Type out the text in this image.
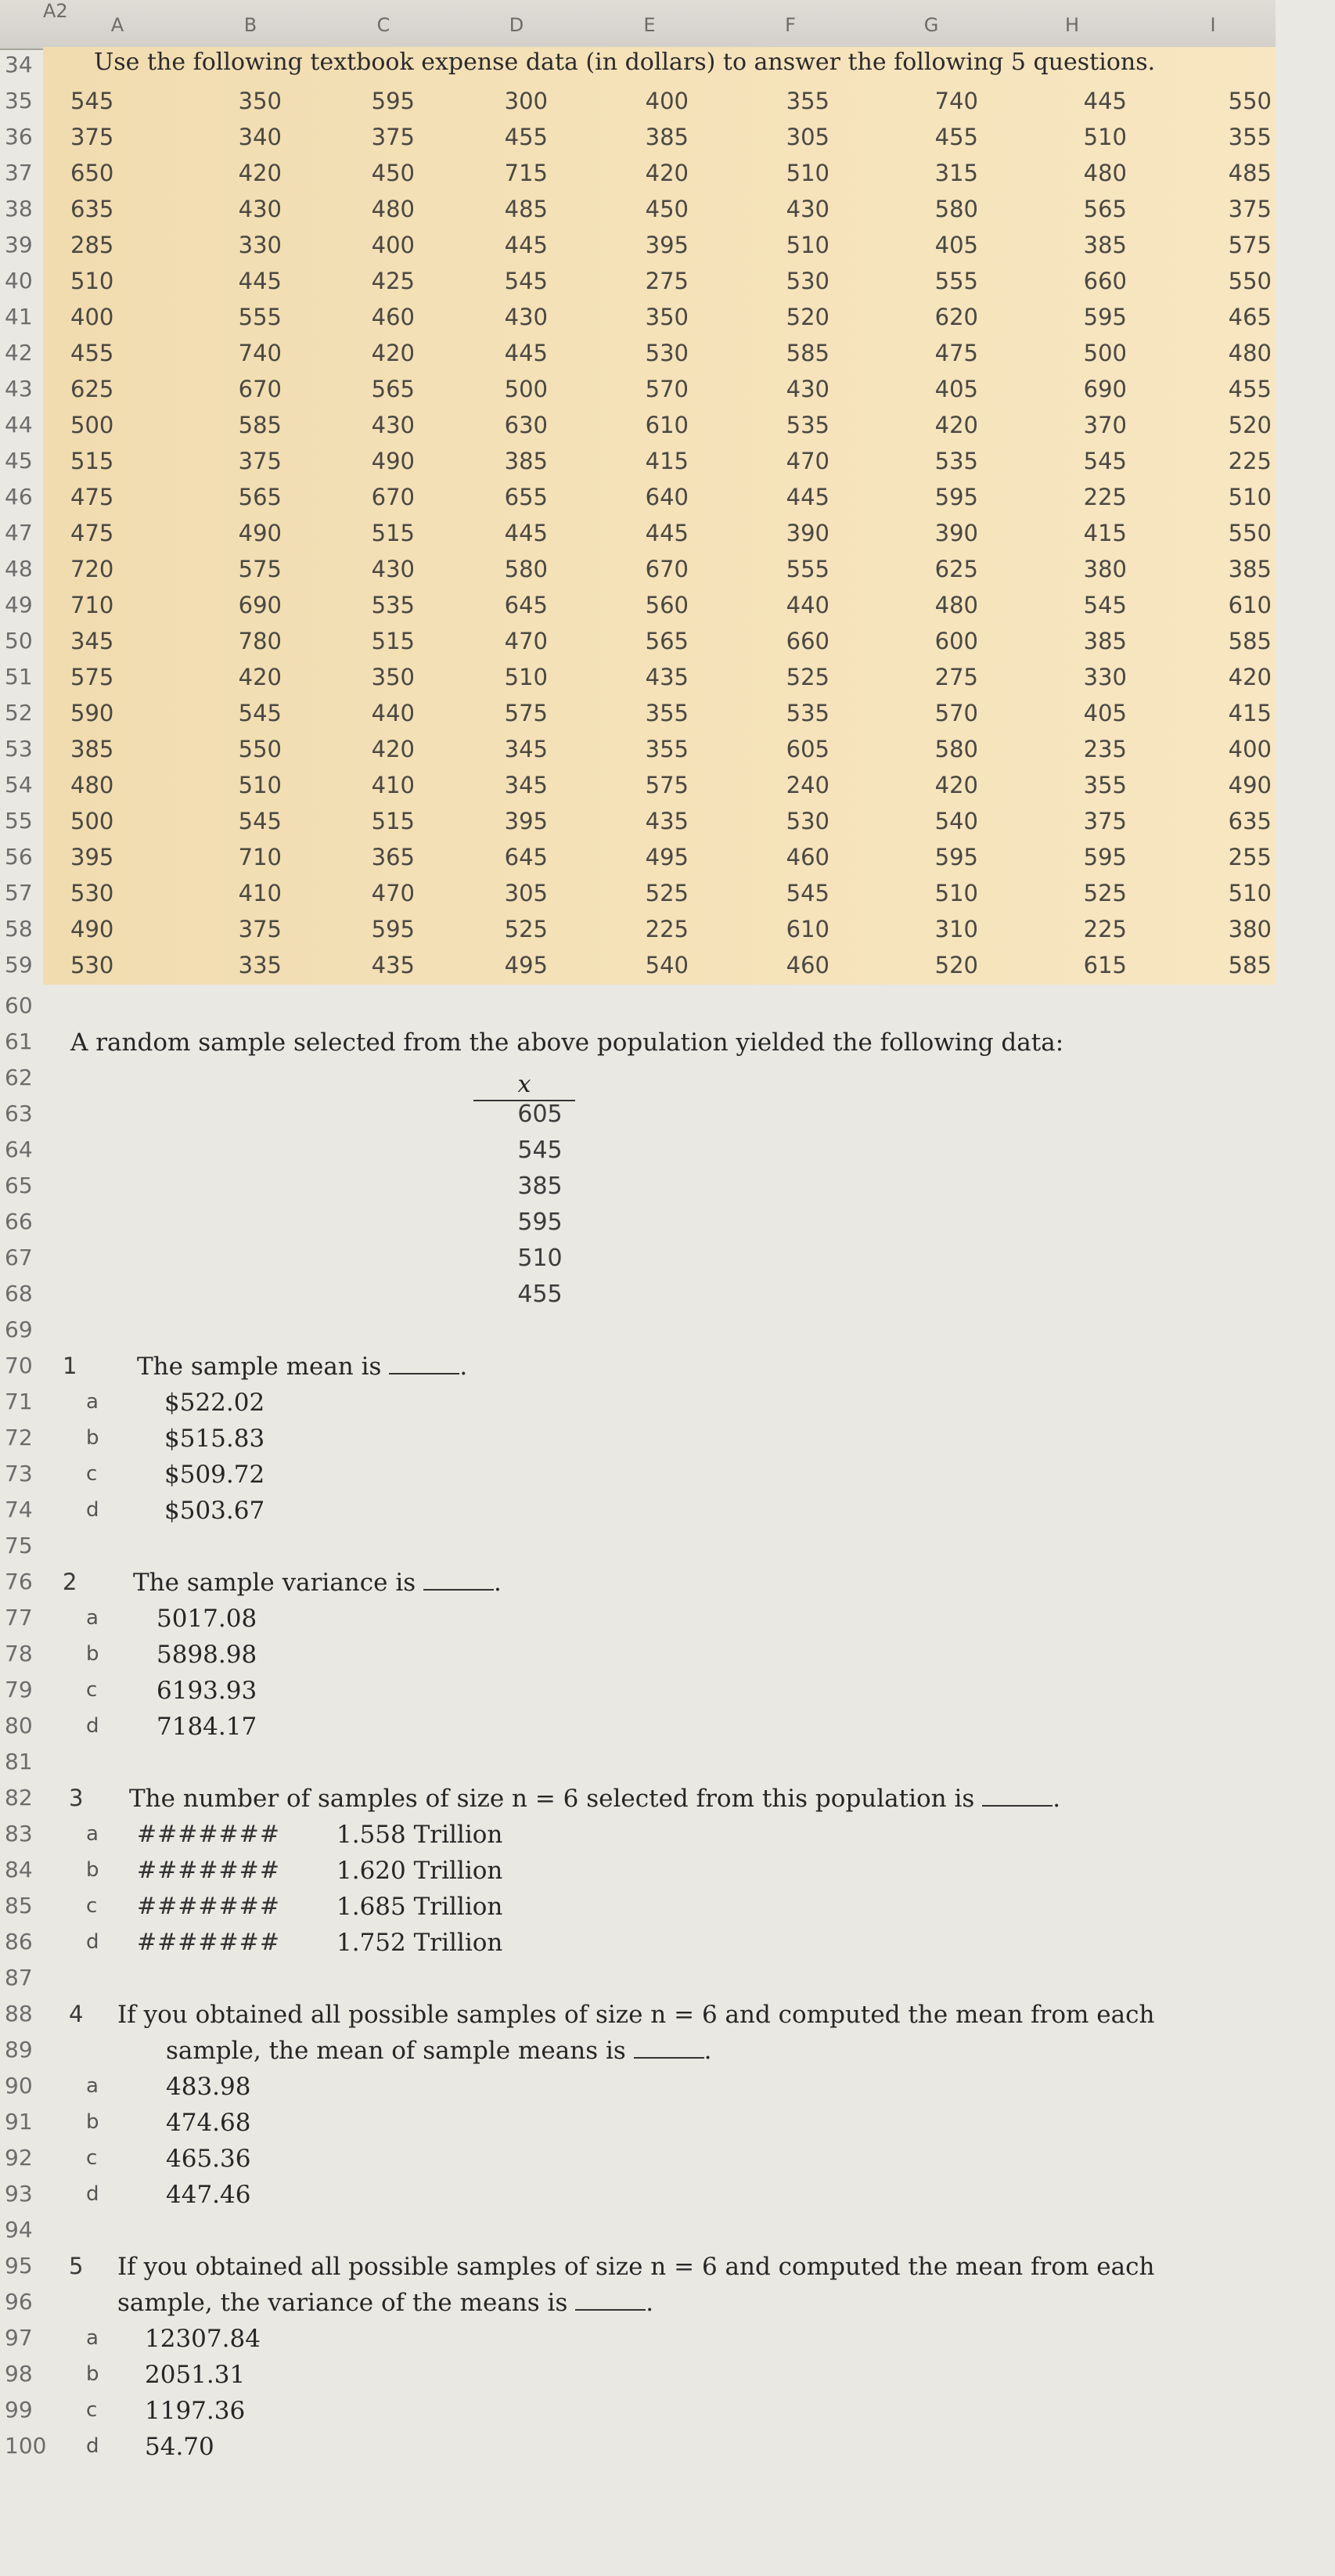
A2
A	B	C	D	E	F	G	H	I
34	Use the following textbook expense data (in dollars) to answer the following 5 questions.
35 545	350	595	300	400	355	740	445	550
36 375	340	375	455	385	305	455	510	355
37 650	420	450	715	420	510	315	480	485
38 635	430	480	485	450	430	580	565	375
39 285	330	400	445	395	510	405	385	575
40 510	445	425	545	275	530	555	660	550
41 400	555	460	430	350	520	620	595	465
42 455	740	420	445	530	585	475	500	480
43 625	670	565	500	570	430	405	690	455
44 500	585	430	630	610	535	420	370	520
45 515	375	490	385	415	470	535	545	225
46 475	565	670	655	640	445	595	225	510
47 475	490	515	445	445	390	390	415	550
48 720	575	430	580	670	555	625	380	385
49 710	690	535	645	560	440	480	545	610
50 345	780	515	470	565	660	600	385	585
51 575	420	350	510	435	525	275	330	420
52 590	545	440	575	355	535	570	405	415
53 385	550	420	345	355	605	580	235	400
54 480	510	410	345	575	240	420	355	490
55 500	545	515	395	435	530	540	375	635
56 395	710	365	645	495	460	595	595	255
57 530	410	470	305	525	545	510	525	510
58 490	375	595	525	225	610	310	225	380
59 530	335	435	495	540	460	520	615	585
60
61 A random sample selected from the above population yielded the following data:
62	x
63	605
64	545
65	385
66	595
67	510
68	455
69
70 1 The sample mean is	.
71	a	$522.02
72	b	$515.83
73	c	$509.72
74	d	$503.67
75
76 2 The sample variance is	.
77	a 5017.08
78	b 5898.98
79	c 6193.93
80	d 7184.17
81
82 3 The number of samples of size n = 6 selected from this population is	.
83	a ####### 1.558 Trillion
84	b ####### 1.620 Trillion
85	c ####### 1.685 Trillion
86	d ####### 1.752 Trillion
87
88 4 If you obtained all possible samples of size n = 6 and computed the mean from each
89	sample, the mean of sample means is	.
90	a	483.98
91	b	474.68
92	c	465.36
93	d	447.46
94
95 5 If you obtained all possible samples of size n = 6 and computed the mean from each
96	sample, the variance of the means is	.
97	a 12307.84
98	b 2051.31
99	c 1197.36
100 d 54.70
